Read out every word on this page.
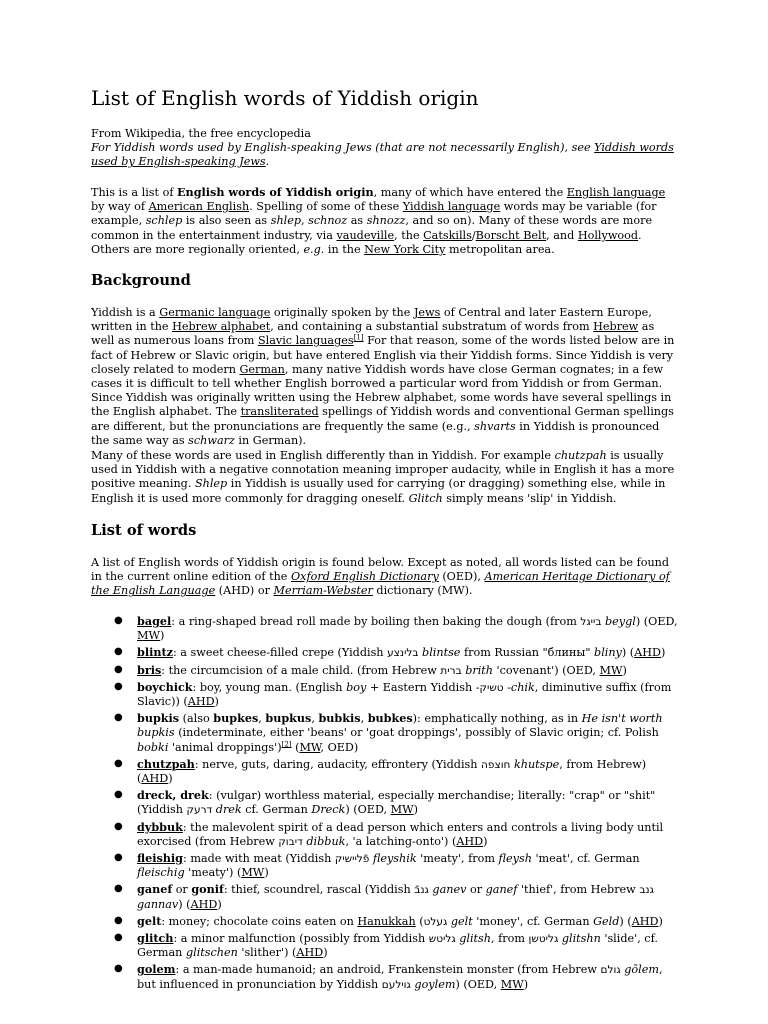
List of English words of Yiddish origin

From Wikipedia, the free encyclopedia

For Yiddish words used by English-speaking Jews (that are not necessarily English), see Yiddish words used by English-speaking Jews.

This is a list of English words of Yiddish origin, many of which have entered the English language by way of American English. Spelling of some of these Yiddish language words may be variable (for example, schlep is also seen as shlep, schnoz as shnozz, and so on). Many of these words are more common in the entertainment industry, via vaudeville, the Catskills/Borscht Belt, and Hollywood. Others are more regionally oriented, e.g. in the New York City metropolitan area.

Background

Yiddish is a Germanic language originally spoken by the Jews of Central and later Eastern Europe, written in the Hebrew alphabet, and containing a substantial substratum of words from Hebrew as well as numerous loans from Slavic languages[1] For that reason, some of the words listed below are in fact of Hebrew or Slavic origin, but have entered English via their Yiddish forms. Since Yiddish is very closely related to modern German, many native Yiddish words have close German cognates; in a few cases it is difficult to tell whether English borrowed a particular word from Yiddish or from German. Since Yiddish was originally written using the Hebrew alphabet, some words have several spellings in the English alphabet. The transliterated spellings of Yiddish words and conventional German spellings are different, but the pronunciations are frequently the same (e.g., shvarts in Yiddish is pronounced the same way as schwarz in German).

Many of these words are used in English differently than in Yiddish. For example chutzpah is usually used in Yiddish with a negative connotation meaning improper audacity, while in English it has a more positive meaning. Shlep in Yiddish is usually used for carrying (or dragging) something else, while in English it is used more commonly for dragging oneself. Glitch simply means 'slip' in Yiddish.

List of words

A list of English words of Yiddish origin is found below. Except as noted, all words listed can be found in the current online edition of the Oxford English Dictionary (OED), American Heritage Dictionary of the English Language (AHD) or Merriam-Webster dictionary (MW).

● bagel: a ring-shaped bread roll made by boiling then baking the dough (from בייגל beygl) (OED, MW)
● blintz: a sweet cheese-filled crepe (Yiddish בלינצע blintse from Russian "блины" bliny) (AHD)
● bris: the circumcision of a male child. (from Hebrew ברית brith 'covenant') (OED, MW)
● boychick: boy, young man. (English boy + Eastern Yiddish -טשיק -chik, diminutive suffix (from Slavic)) (AHD)
● bupkis (also bupkes, bupkus, bubkis, bubkes): emphatically nothing, as in He isn't worth bupkis (indeterminate, either 'beans' or 'goat droppings', possibly of Slavic origin; cf. Polish bobki 'animal droppings')[2] (MW, OED)
● chutzpah: nerve, guts, daring, audacity, effrontery (Yiddish חוצפה khutspe, from Hebrew) (AHD)
● dreck, drek: (vulgar) worthless material, especially merchandise; literally: "crap" or "shit" (Yiddish דרעק drek cf. German Dreck) (OED, MW)
● dybbuk: the malevolent spirit of a dead person which enters and controls a living body until exorcised (from Hebrew דיבוק dibbuk, 'a latching-onto') (AHD)
● fleishig: made with meat (Yiddish פֿליישיק fleyshik 'meaty', from fleysh 'meat', cf. German fleischig 'meaty') (MW)
● ganef or gonif: thief, scoundrel, rascal (Yiddish גנבֿ ganev or ganef 'thief', from Hebrew גנב gannav) (AHD)
● gelt: money; chocolate coins eaten on Hanukkah (געלט gelt 'money', cf. German Geld) (AHD)
● glitch: a minor malfunction (possibly from Yiddish גליטש glitsh, from גליטשן glitshn 'slide', cf. German glitschen 'slither') (AHD)
● golem: a man-made humanoid; an android, Frankenstein monster (from Hebrew גולם gōlem, but influenced in pronunciation by Yiddish גוילעם goylem) (OED, MW)
